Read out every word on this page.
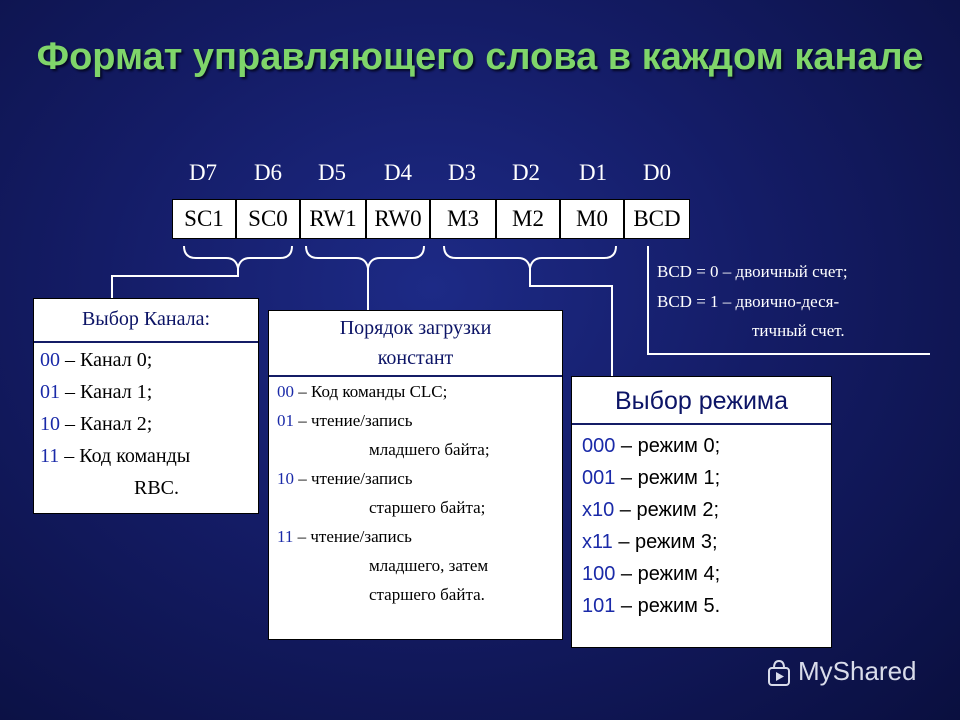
Формат управляющего слова в каждом канале
D7	D6	D5	D4	D3	D2	D1	D0
SC1	SC0 RW1 RW0	M3	M2	M0	BCD
BCD = 0 – двоичный счет;
BCD = 1 – двоично-деся-
тичный счет.
Выбор Канала:
00 – Канал 0;
01 – Канал 1;
10 – Канал 2;
11 – Код команды
RBC.
Порядок загрузки
констант
00 – Код команды CLC;
01 – чтение/запись
младшего байта;
10 – чтение/запись
старшего байта;
11 – чтение/запись
младшего, затем
старшего байта.
Выбор режима
000 – режим 0;
001 – режим 1;
x10 – режим 2;
x11 – режим 3;
100 – режим 4;
101 – режим 5.
MyShared
